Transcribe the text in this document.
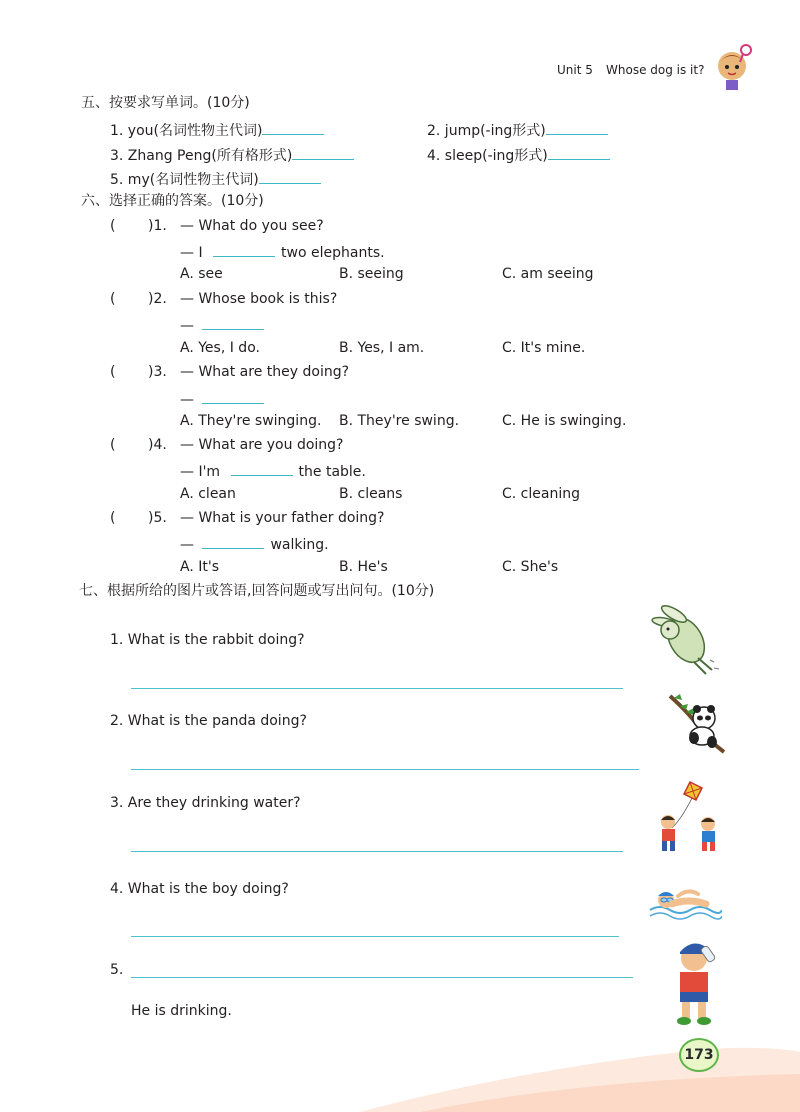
Unit 5 Whose dog is it?
五、按要求写单词。(10分)
1. you(名词性物主代词)	2. jump(-ing形式)
3. Zhang Peng(所有格形式)	4. sleep(-ing形式)
5. my(名词性物主代词)
六、选择正确的答案。(10分)
( )1. — What do you see?
— I	two elephants.
A. see	B. seeing	C. am seeing
( )2. — Whose book is this?
—
A. Yes, I do.	B. Yes, I am.	C. It's mine.
( )3. — What are they doing?
—
A. They're swinging. B. They're swing.	C. He is swinging.
( )4. — What are you doing?
— I'm	the table.
A. clean	B. cleans	C. cleaning
( )5. — What is your father doing?
—	walking.
A. It's	B. He's	C. She's
七、根据所给的图片或答语,回答问题或写出问句。(10分)
1. What is the rabbit doing?
2. What is the panda doing?
3. Are they drinking water?
4. What is the boy doing?
5.
He is drinking.
173
